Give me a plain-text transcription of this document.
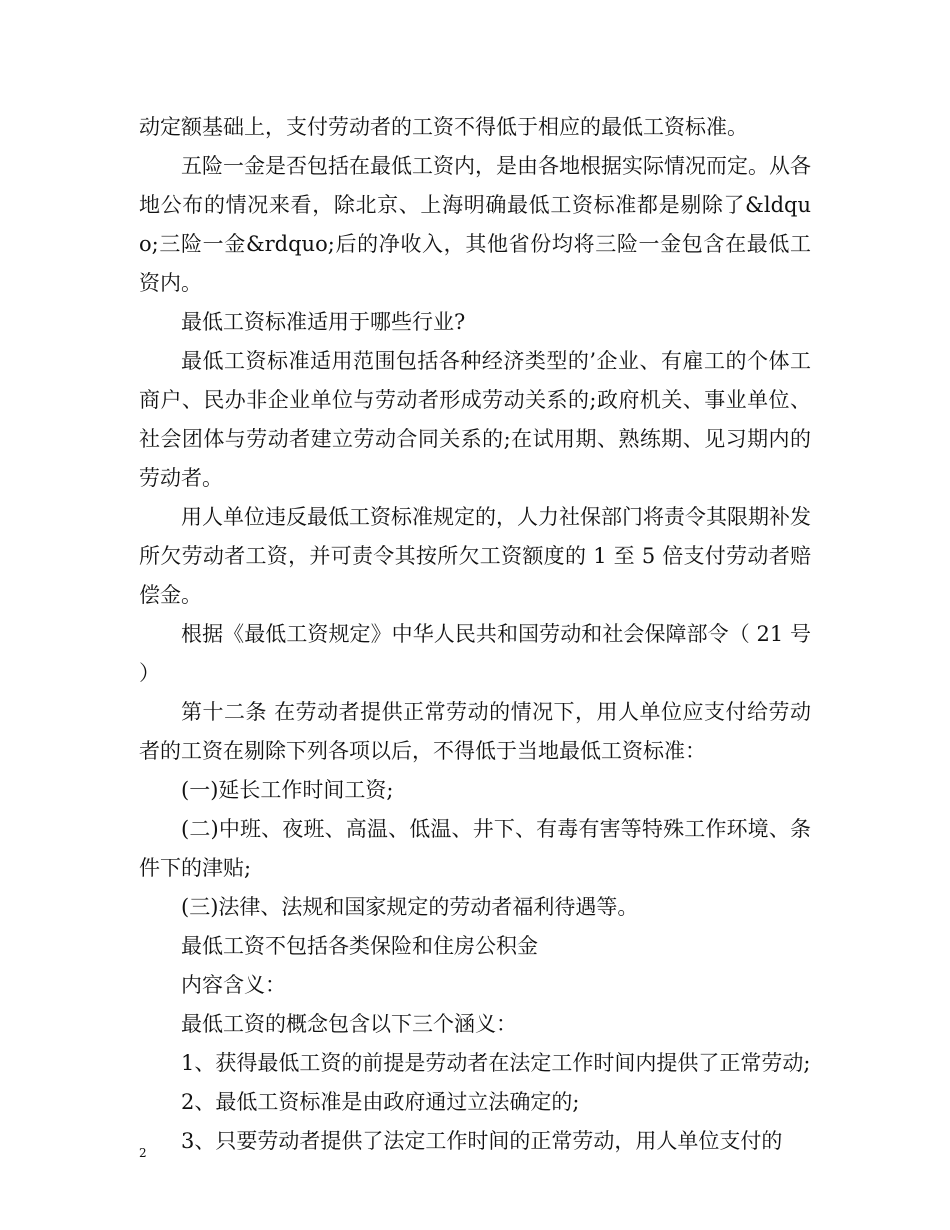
动定额基础上，支付劳动者的工资不得低于相应的最低工资标准。

五险一金是否包括在最低工资内，是由各地根据实际情况而定。从各地公布的情况来看，除北京、上海明确最低工资标准都是剔除了&ldquo;三险一金&rdquo;后的净收入，其他省份均将三险一金包含在最低工资内。

最低工资标准适用于哪些行业?

最低工资标准适用范围包括各种经济类型的’企业、有雇工的个体工商户、民办非企业单位与劳动者形成劳动关系的;政府机关、事业单位、社会团体与劳动者建立劳动合同关系的;在试用期、熟练期、见习期内的劳动者。

用人单位违反最低工资标准规定的，人力社保部门将责令其限期补发所欠劳动者工资，并可责令其按所欠工资额度的 1 至 5 倍支付劳动者赔偿金。

根据《最低工资规定》中华人民共和国劳动和社会保障部令（ 21 号 ）

第十二条 在劳动者提供正常劳动的情况下，用人单位应支付给劳动者的工资在剔除下列各项以后，不得低于当地最低工资标准：

(一)延长工作时间工资;

(二)中班、夜班、高温、低温、井下、有毒有害等特殊工作环境、条件下的津贴;

(三)法律、法规和国家规定的劳动者福利待遇等。

最低工资不包括各类保险和住房公积金

内容含义：

最低工资的概念包含以下三个涵义：

1、获得最低工资的前提是劳动者在法定工作时间内提供了正常劳动;

2、最低工资标准是由政府通过立法确定的;

3、只要劳动者提供了法定工作时间的正常劳动，用人单位支付的

2
